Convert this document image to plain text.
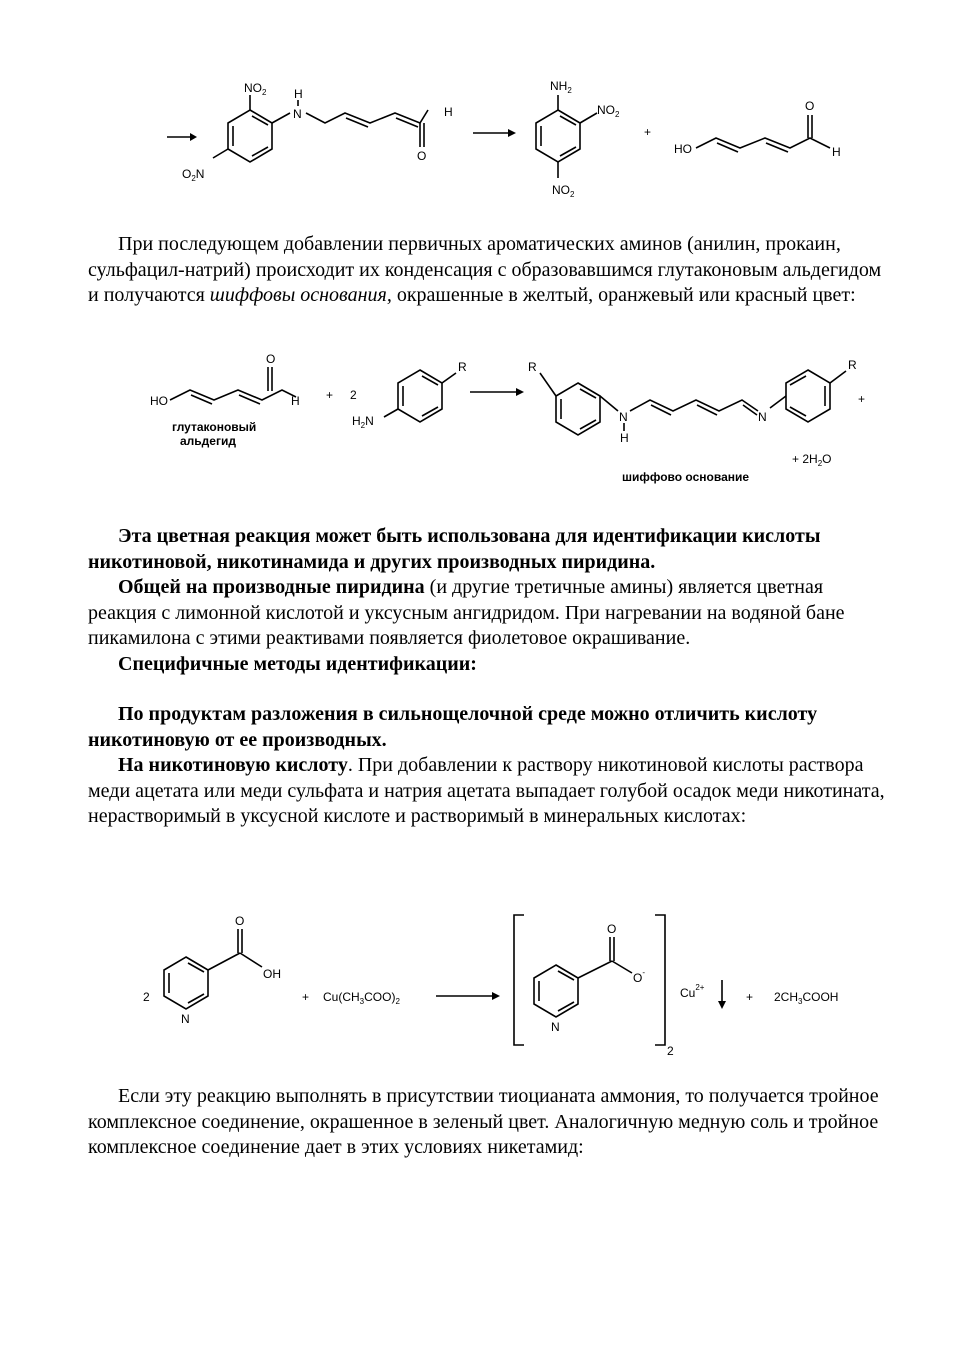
$NO_2$ H
N	H
O
$O_2N$
$NH_2$
$NO_2$
$NO_2$
+
HO
O
H

При последующем добавлении первичных ароматических аминов (анилин, прокаин, сульфацил-натрий) происходит их конденсация с образовавшимся глутаконовым альдегидом и получаются шиффовы основания, окрашенные в желтый, оранжевый или красный цвет:

HO
O
H
глутаконовый
альдегид
+ 2
R
$H_2N$
R
N
H
N
R
+
+ $2H_2O$
шиффово основание

Эта цветная реакция может быть использована для идентификации кислоты никотиновой, никотинамида и других производных пиридина.

Общей на производные пиридина (и другие третичные амины) является цветная реакция с лимонной кислотой и уксусным ангидридом. При нагревании на водяной бане пикамилона с этими реактивами появляется фиолетовое окрашивание.

Специфичные методы идентификации:

По продуктам разложения в сильнощелочной среде можно отличить кислоту никотиновую от ее производных.

На никотиновую кислоту. При добавлении к раствору никотиновой кислоты раствора меди ацетата или меди сульфата и натрия ацетата выпадает голубой осадок меди никотината, нерастворимый в уксусной кислоте и растворимый в минеральных кислотах:

2
O
OH
N
+ $Cu(CH_3COO)_2$
O
O-
N
2
$Cu^{2+}$
+ $2CH_3COOH$

Если эту реакцию выполнять в присутствии тиоцианата аммония, то получается тройное комплексное соединение, окрашенное в зеленый цвет. Аналогичную медную соль и тройное комплексное соединение дает в этих условиях никетамид:
